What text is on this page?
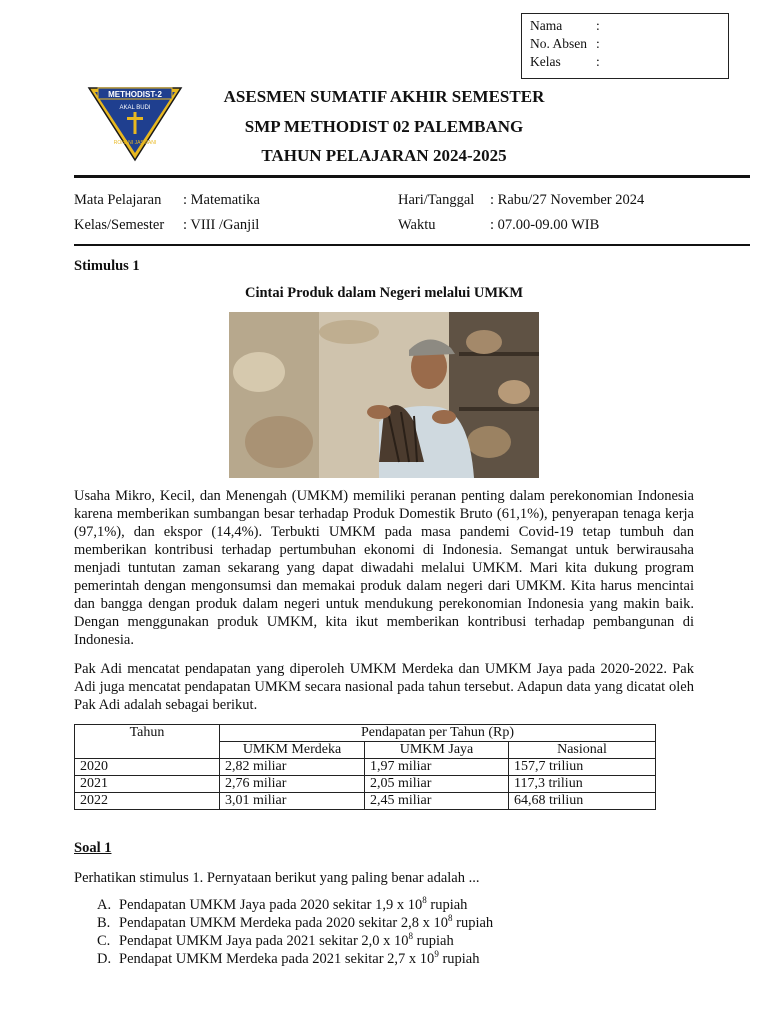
Nama	:
No. Absen :
Kelas	:
METHODIST-2
AKAL BUDI
ROHANI JASMANI
ASESMEN SUMATIF AKHIR SEMESTER
SMP METHODIST 02 PALEMBANG
TAHUN PELAJARAN 2024-2025
Mata Pelajaran : Matematika	Hari/Tanggal : Rabu/27 November 2024
Kelas/Semester : VIII /Ganjil	Waktu	: 07.00-09.00 WIB
Stimulus 1
Cintai Produk dalam Negeri melalui UMKM
Usaha Mikro, Kecil, dan Menengah (UMKM) memiliki peranan penting dalam perekonomian Indonesia karena memberikan sumbangan besar terhadap Produk Domestik Bruto (61,1%), penyerapan tenaga kerja (97,1%), dan ekspor (14,4%). Terbukti UMKM pada masa pandemi Covid-19 tetap tumbuh dan memberikan kontribusi terhadap pertumbuhan ekonomi di Indonesia. Semangat untuk berwirausaha menjadi tuntutan zaman sekarang yang dapat diwadahi melalui UMKM. Mari kita dukung program pemerintah dengan mengonsumsi dan memakai produk dalam negeri dari UMKM. Kita harus mencintai dan bangga dengan produk dalam negeri untuk mendukung perekonomian Indonesia yang makin baik. Dengan menggunakan produk UMKM, kita ikut memberikan kontribusi terhadap pembangunan di Indonesia.
Pak Adi mencatat pendapatan yang diperoleh UMKM Merdeka dan UMKM Jaya pada 2020-2022. Pak Adi juga mencatat pendapatan UMKM secara nasional pada tahun tersebut. Adapun data yang dicatat oleh Pak Adi adalah sebagai berikut.
Tahun	Pendapatan per Tahun (Rp)		
	UMKM Merdeka	UMKM Jaya	Nasional
2020	2,82 miliar	1,97 miliar	157,7 triliun
2021	2,76 miliar	2,05 miliar	117,3 triliun
2022	3,01 miliar	2,45 miliar	64,68 triliun
Soal 1
Perhatikan stimulus 1. Pernyataan berikut yang paling benar adalah ...
A. Pendapatan UMKM Jaya pada 2020 sekitar 1,9 x $10^8$ rupiah
B. Pendapatan UMKM Merdeka pada 2020 sekitar 2,8 x $10^8$ rupiah
C. Pendapat UMKM Jaya pada 2021 sekitar 2,0 x $10^8$ rupiah
D. Pendapat UMKM Merdeka pada 2021 sekitar 2,7 x $10^9$ rupiah
